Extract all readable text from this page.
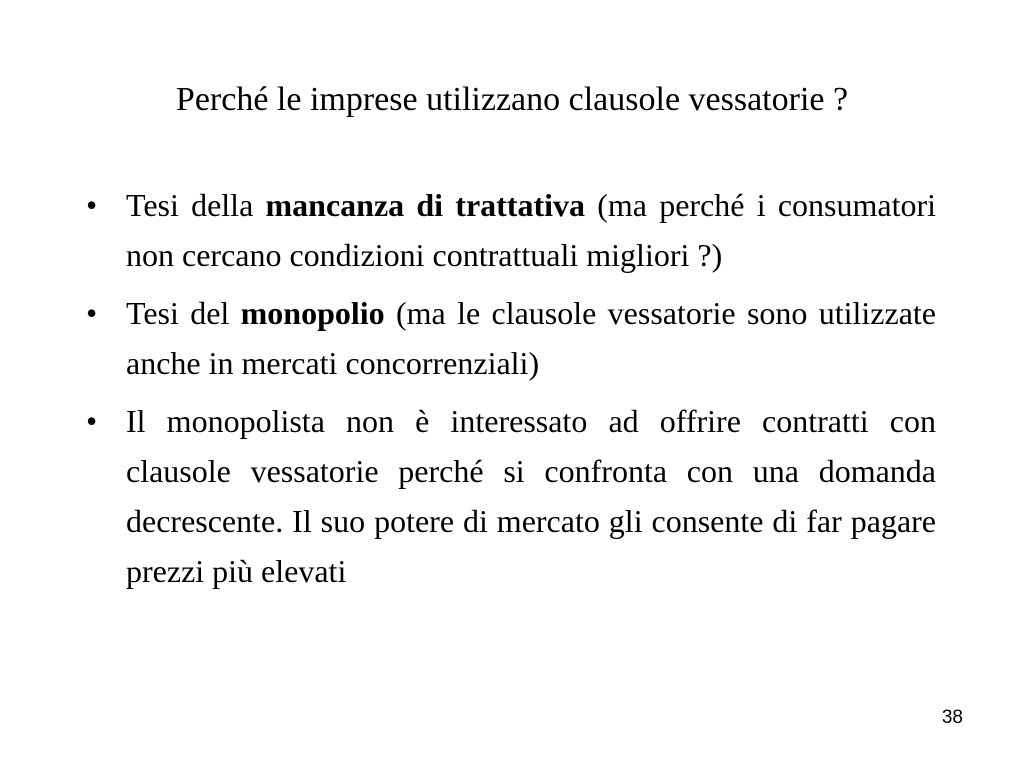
Perché le imprese utilizzano clausole vessatorie ?
• Tesi della mancanza di trattativa (ma perché i consumatori non cercano condizioni contrattuali migliori ?)
• Tesi del monopolio (ma le clausole vessatorie sono utilizzate anche in mercati concorrenziali)
• Il monopolista non è interessato ad offrire contratti con clausole vessatorie perché si confronta con una domanda decrescente. Il suo potere di mercato gli consente di far pagare prezzi più elevati
38
